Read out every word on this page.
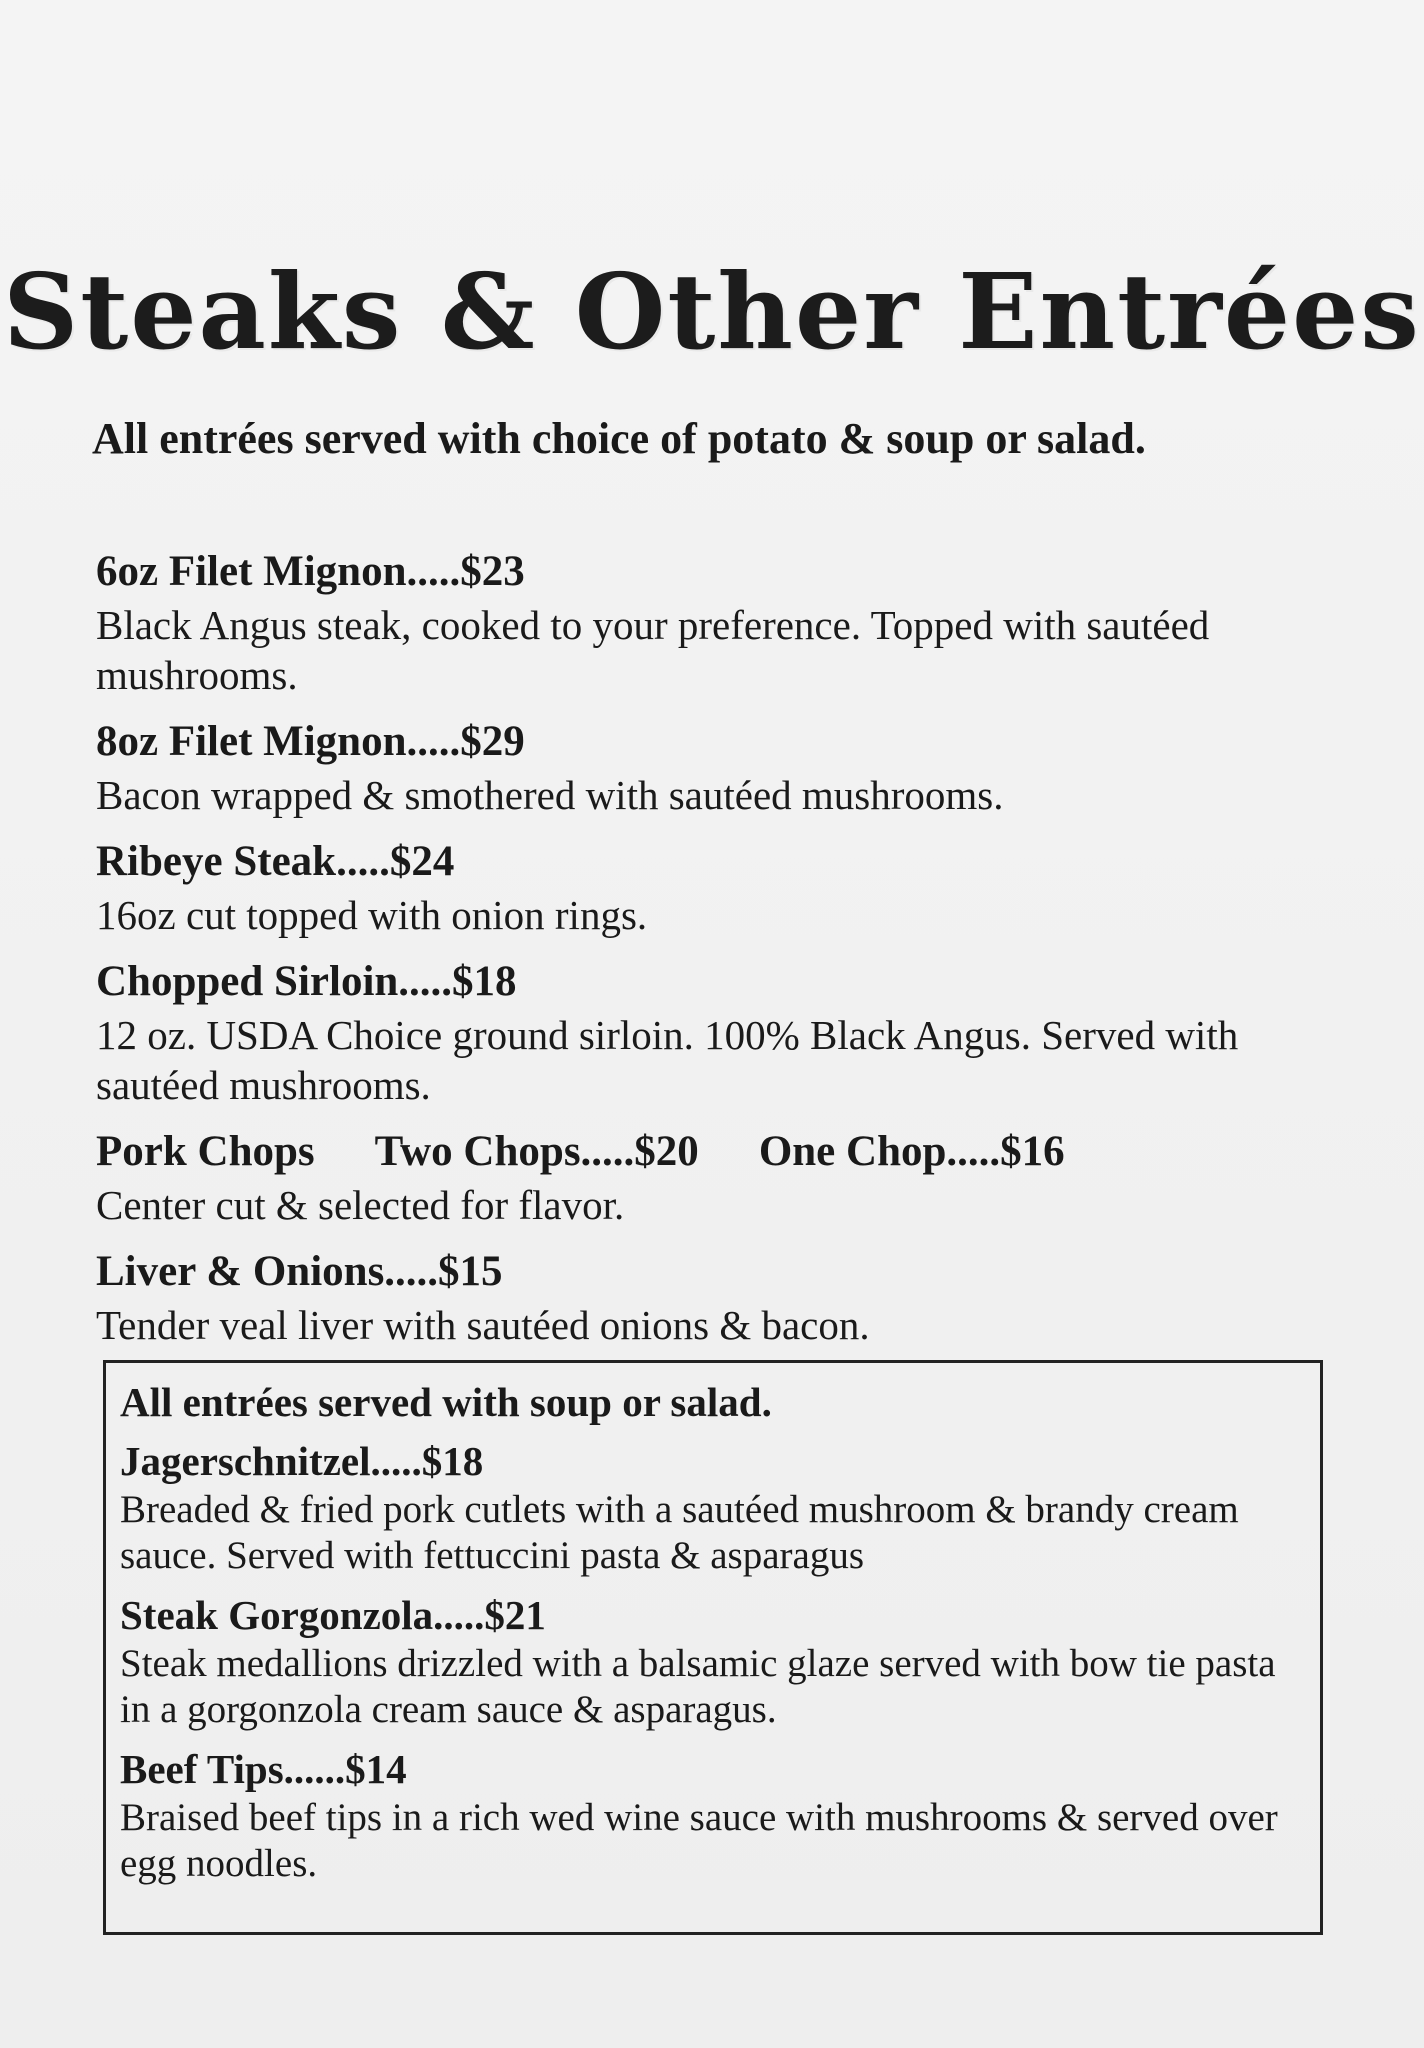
Steaks & Other Entrées
All entrées served with choice of potato & soup or salad.
6oz Filet Mignon.....$23
Black Angus steak, cooked to your preference. Topped with sautéed mushrooms.
8oz Filet Mignon.....$29
Bacon wrapped & smothered with sautéed mushrooms.
Ribeye Steak.....$24
16oz cut topped with onion rings.
Chopped Sirloin.....$18
12 oz. USDA Choice ground sirloin. 100% Black Angus. Served with sautéed mushrooms.
Pork Chops Two Chops.....$20 One Chop.....$16
Center cut & selected for flavor.
Liver & Onions.....$15
Tender veal liver with sautéed onions & bacon.
All entrées served with soup or salad.
Jagerschnitzel.....$18
Breaded & fried pork cutlets with a sautéed mushroom & brandy cream sauce. Served with fettuccini pasta & asparagus
Steak Gorgonzola.....$21
Steak medallions drizzled with a balsamic glaze served with bow tie pasta in a gorgonzola cream sauce & asparagus.
Beef Tips......$14
Braised beef tips in a rich wed wine sauce with mushrooms & served over egg noodles.
